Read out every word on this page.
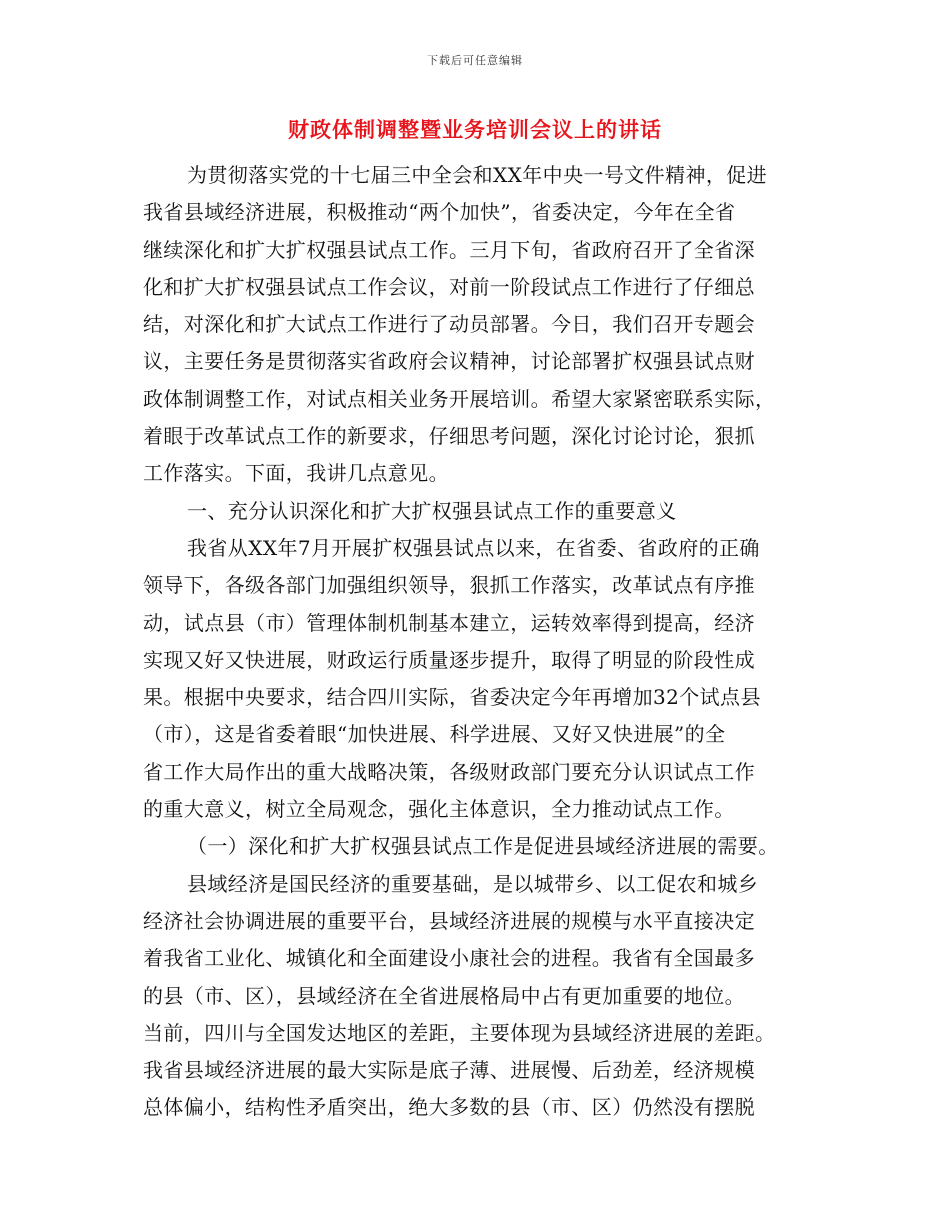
下载后可任意编辑
财政体制调整暨业务培训会议上的讲话
为贯彻落实党的十七届三中全会和XX年中央一号文件精神，促进
我省县域经济进展，积极推动“两个加快”，省委决定，今年在全省
继续深化和扩大扩权强县试点工作。三月下旬，省政府召开了全省深
化和扩大扩权强县试点工作会议，对前一阶段试点工作进行了仔细总
结，对深化和扩大试点工作进行了动员部署。今日，我们召开专题会
议，主要任务是贯彻落实省政府会议精神，讨论部署扩权强县试点财
政体制调整工作，对试点相关业务开展培训。希望大家紧密联系实际，
着眼于改革试点工作的新要求，仔细思考问题，深化讨论讨论，狠抓
工作落实。下面，我讲几点意见。
一、充分认识深化和扩大扩权强县试点工作的重要意义
我省从XX年7月开展扩权强县试点以来，在省委、省政府的正确
领导下，各级各部门加强组织领导，狠抓工作落实，改革试点有序推
动，试点县（市）管理体制机制基本建立，运转效率得到提高，经济
实现又好又快进展，财政运行质量逐步提升，取得了明显的阶段性成
果。根据中央要求，结合四川实际，省委决定今年再增加32个试点县
（市），这是省委着眼“加快进展、科学进展、又好又快进展”的全
省工作大局作出的重大战略决策，各级财政部门要充分认识试点工作
的重大意义，树立全局观念，强化主体意识，全力推动试点工作。
（一）深化和扩大扩权强县试点工作是促进县域经济进展的需要。
县域经济是国民经济的重要基础，是以城带乡、以工促农和城乡
经济社会协调进展的重要平台，县域经济进展的规模与水平直接决定
着我省工业化、城镇化和全面建设小康社会的进程。我省有全国最多
的县（市、区），县域经济在全省进展格局中占有更加重要的地位。
当前，四川与全国发达地区的差距，主要体现为县域经济进展的差距。
我省县域经济进展的最大实际是底子薄、进展慢、后劲差，经济规模
总体偏小，结构性矛盾突出，绝大多数的县（市、区）仍然没有摆脱
